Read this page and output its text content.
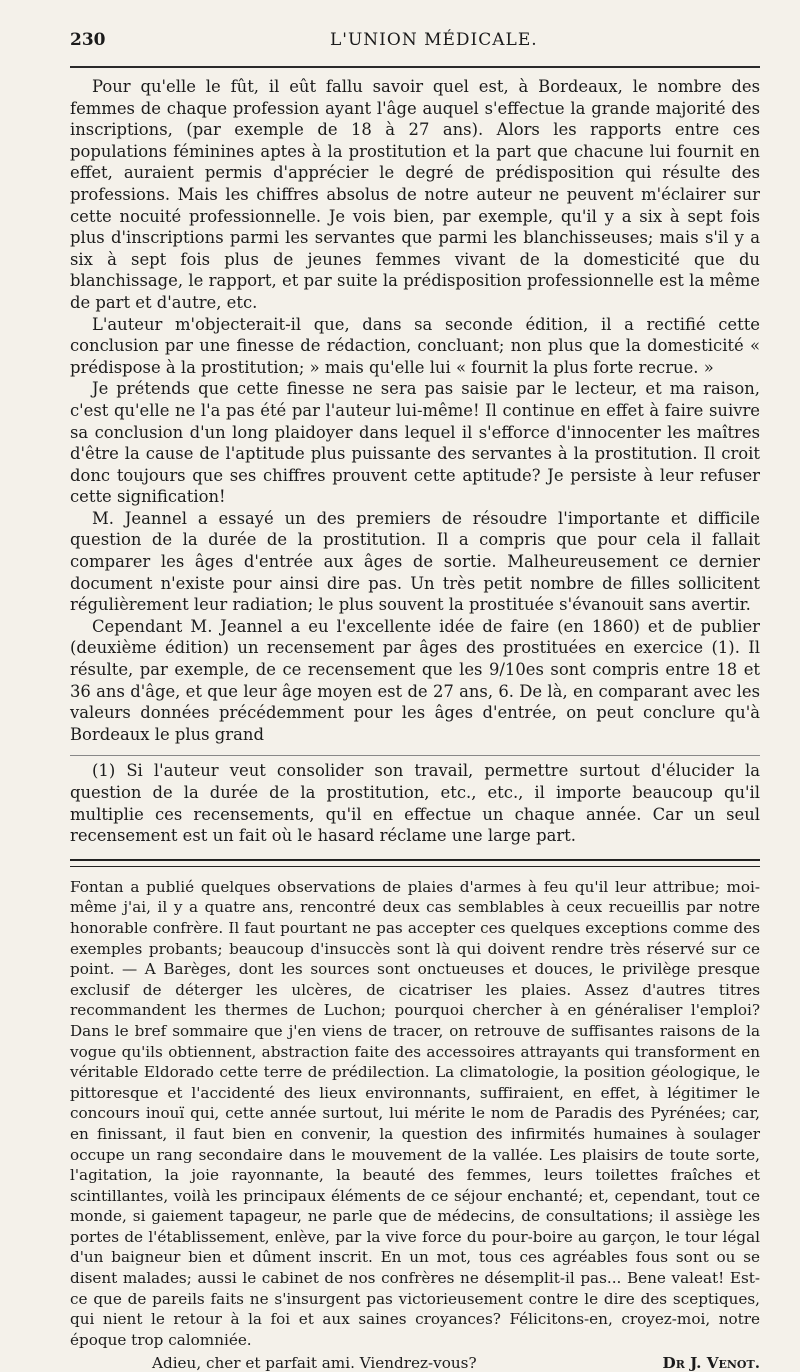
230	L'UNION MÉDICALE.

Pour qu'elle le fût, il eût fallu savoir quel est, à Bordeaux, le nombre des femmes de chaque profession ayant l'âge auquel s'effectue la grande majorité des inscriptions, (par exemple de 18 à 27 ans). Alors les rapports entre ces populations féminines aptes à la prostitution et la part que chacune lui fournit en effet, auraient permis d'apprécier le degré de prédisposition qui résulte des professions. Mais les chiffres absolus de notre auteur ne peuvent m'éclairer sur cette nocuité professionnelle. Je vois bien, par exemple, qu'il y a six à sept fois plus d'inscriptions parmi les servantes que parmi les blanchisseuses; mais s'il y a six à sept fois plus de jeunes femmes vivant de la domesticité que du blanchissage, le rapport, et par suite la prédisposition professionnelle est la même de part et d'autre, etc.

L'auteur m'objecterait-il que, dans sa seconde édition, il a rectifié cette conclusion par une finesse de rédaction, concluant; non plus que la domesticité « prédispose à la prostitution; » mais qu'elle lui « fournit la plus forte recrue. »

Je prétends que cette finesse ne sera pas saisie par le lecteur, et ma raison, c'est qu'elle ne l'a pas été par l'auteur lui-même! Il continue en effet à faire suivre sa conclusion d'un long plaidoyer dans lequel il s'efforce d'innocenter les maîtres d'être la cause de l'aptitude plus puissante des servantes à la prostitution. Il croit donc toujours que ses chiffres prouvent cette aptitude? Je persiste à leur refuser cette signification!

M. Jeannel a essayé un des premiers de résoudre l'importante et difficile question de la durée de la prostitution. Il a compris que pour cela il fallait comparer les âges d'entrée aux âges de sortie. Malheureusement ce dernier document n'existe pour ainsi dire pas. Un très petit nombre de filles sollicitent régulièrement leur radiation; le plus souvent la prostituée s'évanouit sans avertir.

Cependant M. Jeannel a eu l'excellente idée de faire (en 1860) et de publier (deuxième édition) un recensement par âges des prostituées en exercice (1). Il résulte, par exemple, de ce recensement que les 9/10es sont compris entre 18 et 36 ans d'âge, et que leur âge moyen est de 27 ans, 6. De là, en comparant avec les valeurs données précédemment pour les âges d'entrée, on peut conclure qu'à Bordeaux le plus grand

(1) Si l'auteur veut consolider son travail, permettre surtout d'élucider la question de la durée de la prostitution, etc., etc., il importe beaucoup qu'il multiplie ces recensements, qu'il en effectue un chaque année. Car un seul recensement est un fait où le hasard réclame une large part.

Fontan a publié quelques observations de plaies d'armes à feu qu'il leur attribue; moi-même j'ai, il y a quatre ans, rencontré deux cas semblables à ceux recueillis par notre honorable confrère. Il faut pourtant ne pas accepter ces quelques exceptions comme des exemples probants; beaucoup d'insuccès sont là qui doivent rendre très réservé sur ce point. — A Barèges, dont les sources sont onctueuses et douces, le privilège presque exclusif de déterger les ulcères, de cicatriser les plaies. Assez d'autres titres recommandent les thermes de Luchon; pourquoi chercher à en généraliser l'emploi? Dans le bref sommaire que j'en viens de tracer, on retrouve de suffisantes raisons de la vogue qu'ils obtiennent, abstraction faite des accessoires attrayants qui transforment en véritable Eldorado cette terre de prédilection. La climatologie, la position géologique, le pittoresque et l'accidenté des lieux environnants, suffiraient, en effet, à légitimer le concours inouï qui, cette année surtout, lui mérite le nom de Paradis des Pyrénées; car, en finissant, il faut bien en convenir, la question des infirmités humaines à soulager occupe un rang secondaire dans le mouvement de la vallée. Les plaisirs de toute sorte, l'agitation, la joie rayonnante, la beauté des femmes, leurs toilettes fraîches et scintillantes, voilà les principaux éléments de ce séjour enchanté; et, cependant, tout ce monde, si gaiement tapageur, ne parle que de médecins, de consultations; il assiège les portes de l'établissement, enlève, par la vive force du pour-boire au garçon, le tour légal d'un baigneur bien et dûment inscrit. En un mot, tous ces agréables fous sont ou se disent malades; aussi le cabinet de nos confrères ne désemplit-il pas... Bene valeat! Est-ce que de pareils faits ne s'insurgent pas victorieusement contre le dire des sceptiques, qui nient le retour à la foi et aux saines croyances? Félicitons-en, croyez-moi, notre époque trop calomniée.

Adieu, cher et parfait ami. Viendrez-vous?	Dr J. Venot.
